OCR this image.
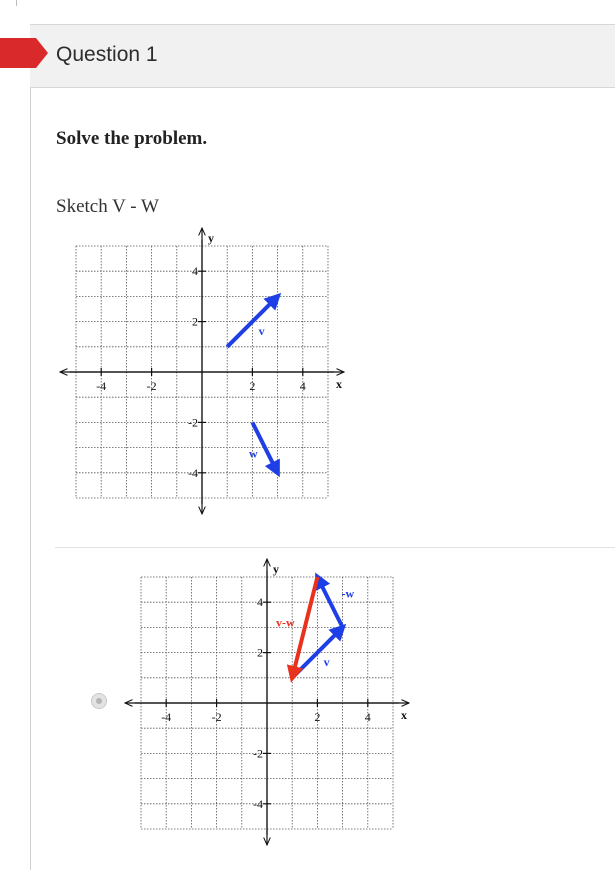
Question 1
Solve the problem.
Sketch V - W
x
y
-4	-2	2	4
4
2
-2
-4
v
w
x
y
-4	-2	2	4
4
2
-2
-4
v
-w
v-w
